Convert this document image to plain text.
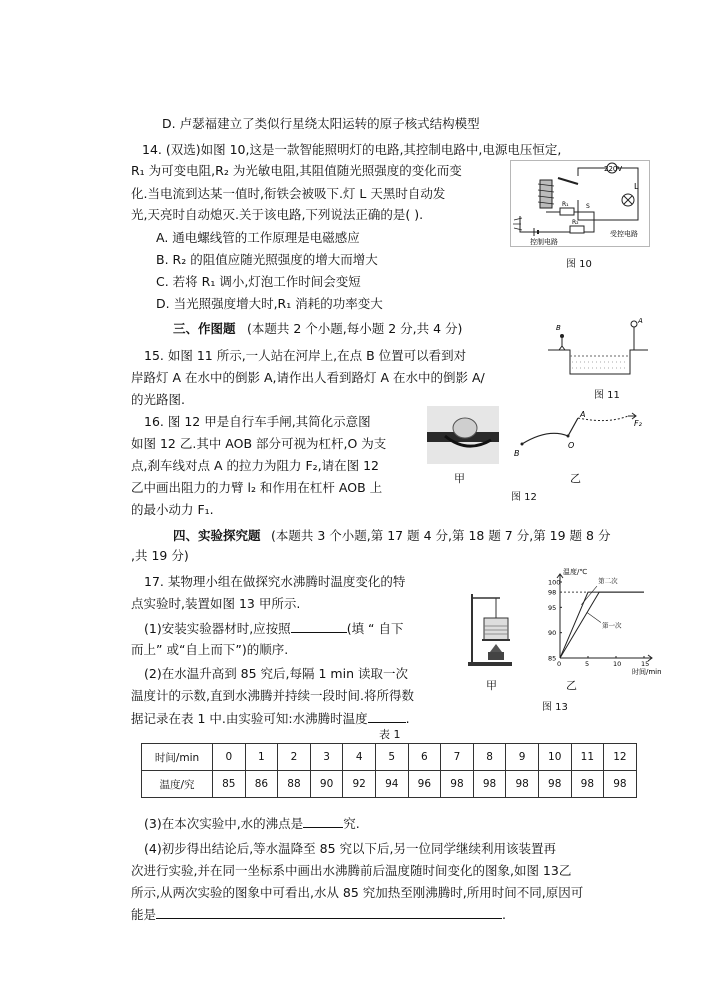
D. 卢瑟福建立了类似行星绕太阳运转的原子核式结构模型
14. (双选)如图 10,这是一款智能照明灯的电路,其控制电路中,电源电压恒定,
R₁ 为可变电阻,R₂ 为光敏电阻,其阻值随光照强度的变化而变
化.当电流到达某一值时,衔铁会被吸下.灯 L 天黑时自动发
光,天亮时自动熄灭.关于该电路,下列说法正确的是( ).
A. 通电螺线管的工作原理是电磁感应
B. R₂ 的阻值应随光照强度的增大而增大
C. 若将 R₁ 调小,灯泡工作时间会变短
D. 当光照强度增大时,R₁ 消耗的功率变大
220V
L
R₁
R₂
S
控制电路
受控电路
图 10
三、作图题 (本题共 2 个小题,每小题 2 分,共 4 分)
15. 如图 11 所示,一人站在河岸上,在点 B 位置可以看到对
岸路灯 A 在水中的倒影 A,请作出人看到路灯 A 在水中的倒影 A/
的光路图.
B
A
图 11
16. 图 12 甲是自行车手闸,其简化示意图
如图 12 乙.其中 AOB 部分可视为杠杆,O 为支
点,刹车线对点 A 的拉力为阻力 F₂,请在图 12
乙中画出阻力的力臂 l₂ 和作用在杠杆 AOB 上
的最小动力 F₁.
甲
B
O
A
F₂
乙
图 12
四、实验探究题 (本题共 3 个小题,第 17 题 4 分,第 18 题 7 分,第 19 题 8 分
,共 19 分)
17. 某物理小组在做探究水沸腾时温度变化的特
点实验时,装置如图 13 甲所示.
(1)安装实验器材时,应按照	(填 “ 自下
而上” 或“自上而下”)的顺序.
(2)在水温升高到 85 究后,每隔 1 min 读取一次
温度计的示数,直到水沸腾并持续一段时间.将所得数
据记录在表 1 中.由实验可知:水沸腾时温度	.
甲
0	5	10	15
85
90
95
98
100
第一次
第二次
温度/℃
时间/min
乙
图 13
表 1
时间/min	0	1	2	3	4	5	6	7	8	9	10	11	12
温度/究	85	86	88	90	92	94	96	98	98	98	98	98	98
(3)在本次实验中,水的沸点是	究.
(4)初步得出结论后,等水温降至 85 究以下后,另一位同学继续利用该装置再
次进行实验,并在同一坐标系中画出水沸腾前后温度随时间变化的图象,如图 13乙
所示,从两次实验的图象中可看出,水从 85 究加热至刚沸腾时,所用时间不同,原因可
能是	.
